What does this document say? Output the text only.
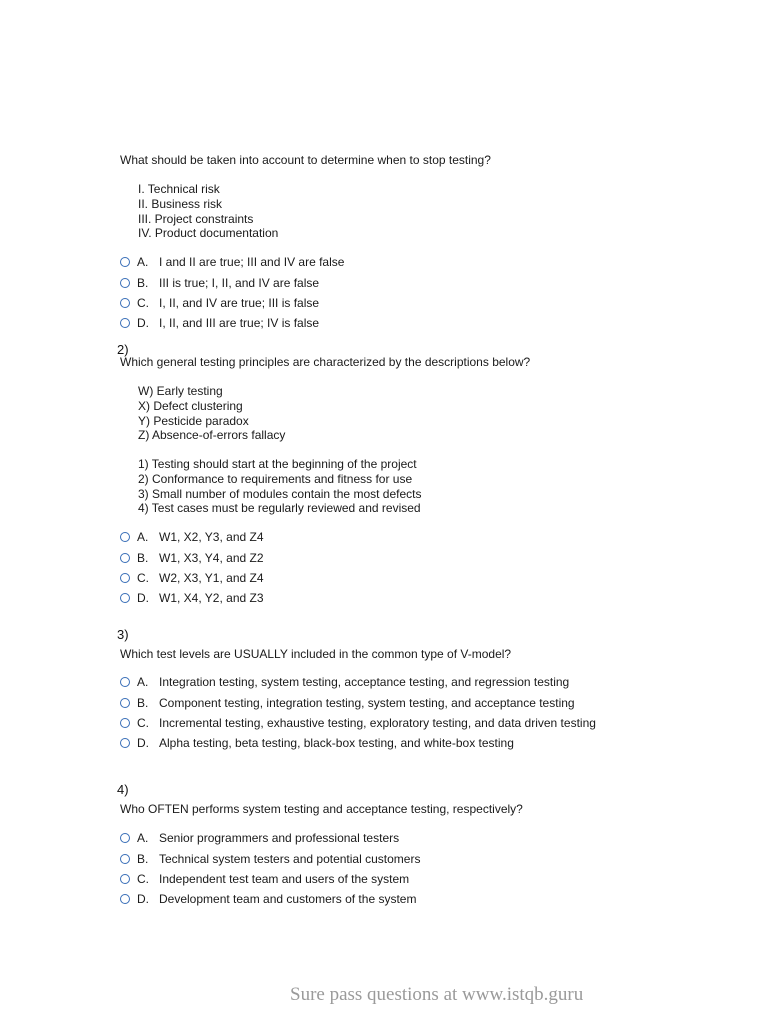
What should be taken into account to determine when to stop testing?
I. Technical risk
II. Business risk
III. Project constraints
IV. Product documentation
A. I and II are true; III and IV are false
B. III is true; I, II, and IV are false
C. I, II, and IV are true; III is false
D. I, II, and III are true; IV is false
2)
Which general testing principles are characterized by the descriptions below?
W) Early testing
X) Defect clustering
Y) Pesticide paradox
Z) Absence-of-errors fallacy
1) Testing should start at the beginning of the project
2) Conformance to requirements and fitness for use
3) Small number of modules contain the most defects
4) Test cases must be regularly reviewed and revised
A. W1, X2, Y3, and Z4
B. W1, X3, Y4, and Z2
C. W2, X3, Y1, and Z4
D. W1, X4, Y2, and Z3
3)
Which test levels are USUALLY included in the common type of V-model?
A. Integration testing, system testing, acceptance testing, and regression testing
B. Component testing, integration testing, system testing, and acceptance testing
C. Incremental testing, exhaustive testing, exploratory testing, and data driven testing
D. Alpha testing, beta testing, black-box testing, and white-box testing
4)
Who OFTEN performs system testing and acceptance testing, respectively?
A. Senior programmers and professional testers
B. Technical system testers and potential customers
C. Independent test team and users of the system
D. Development team and customers of the system
Sure pass questions at www.istqb.guru
